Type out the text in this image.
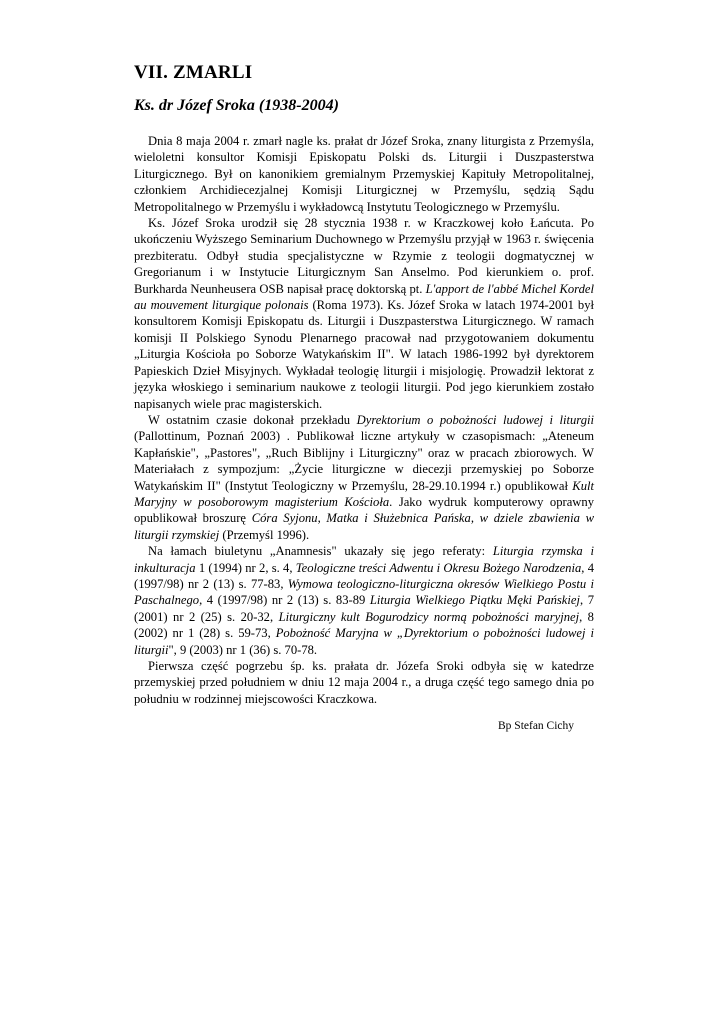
VII. ZMARLI
Ks. dr Józef Sroka (1938-2004)

Dnia 8 maja 2004 r. zmarł nagle ks. prałat dr Józef Sroka, znany liturgista z Przemyśla, wieloletni konsultor Komisji Episkopatu Polski ds. Liturgii i Duszpasterstwa Liturgicznego. Był on kanonikiem gremialnym Przemyskiej Kapituły Metropolitalnej, członkiem Archidiecezjalnej Komisji Liturgicznej w Przemyślu, sędzią Sądu Metropolitalnego w Przemyślu i wykładowcą Instytutu Teologicznego w Przemyślu.

Ks. Józef Sroka urodził się 28 stycznia 1938 r. w Kraczkowej koło Łańcuta. Po ukończeniu Wyższego Seminarium Duchownego w Przemyślu przyjął w 1963 r. święcenia prezbiteratu. Odbył studia specjalistyczne w Rzymie z teologii dogmatycznej w Gregorianum i w Instytucie Liturgicznym San Anselmo. Pod kierunkiem o. prof. Burkharda Neunheusera OSB napisał pracę doktorską pt. L'apport de l'abbé Michel Kordel au mouvement liturgique polonais (Roma 1973). Ks. Józef Sroka w latach 1974-2001 był konsultorem Komisji Episkopatu ds. Liturgii i Duszpasterstwa Liturgicznego. W ramach komisji II Polskiego Synodu Plenarnego pracował nad przygotowaniem dokumentu „Liturgia Kościoła po Soborze Watykańskim II". W latach 1986-1992 był dyrektorem Papieskich Dzieł Misyjnych. Wykładał teologię liturgii i misjologię. Prowadził lektorat z języka włoskiego i seminarium naukowe z teologii liturgii. Pod jego kierunkiem zostało napisanych wiele prac magisterskich.

W ostatnim czasie dokonał przekładu Dyrektorium o pobożności ludowej i liturgii (Pallottinum, Poznań 2003) . Publikował liczne artykuły w czasopismach: „Ateneum Kapłańskie", „Pastores", „Ruch Biblijny i Liturgiczny" oraz w pracach zbiorowych. W Materiałach z sympozjum: „Życie liturgiczne w diecezji przemyskiej po Soborze Watykańskim II" (Instytut Teologiczny w Przemyślu, 28-29.10.1994 r.) opublikował Kult Maryjny w posoborowym magisterium Kościoła. Jako wydruk komputerowy oprawny opublikował broszurę Córa Syjonu, Matka i Służebnica Pańska, w dziele zbawienia w liturgii rzymskiej (Przemyśl 1996).

Na łamach biuletynu „Anamnesis" ukazały się jego referaty: Liturgia rzymska i inkulturacja 1 (1994) nr 2, s. 4, Teologiczne treści Adwentu i Okresu Bożego Narodzenia, 4 (1997/98) nr 2 (13) s. 77-83, Wymowa teologiczno-liturgiczna okresów Wielkiego Postu i Paschalnego, 4 (1997/98) nr 2 (13) s. 83-89 Liturgia Wielkiego Piątku Męki Pańskiej, 7 (2001) nr 2 (25) s. 20-32, Liturgiczny kult Bogurodzicy normą pobożności maryjnej, 8 (2002) nr 1 (28) s. 59-73, Pobożność Maryjna w „Dyrektorium o pobożności ludowej i liturgii", 9 (2003) nr 1 (36) s. 70-78.

Pierwsza część pogrzebu śp. ks. prałata dr. Józefa Sroki odbyła się w katedrze przemyskiej przed południem w dniu 12 maja 2004 r., a druga część tego samego dnia po południu w rodzinnej miejscowości Kraczkowa.

Bp Stefan Cichy
